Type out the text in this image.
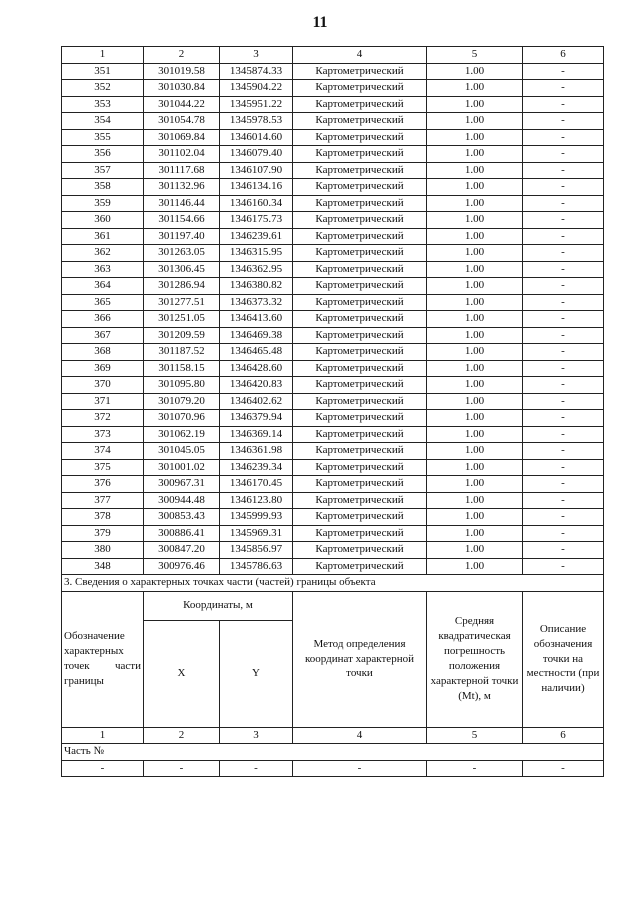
11
1	2	3	4	5	6
351	301019.58	1345874.33	Картометрический	1.00	-
352	301030.84	1345904.22	Картометрический	1.00	-
353	301044.22	1345951.22	Картометрический	1.00	-
354	301054.78	1345978.53	Картометрический	1.00	-
355	301069.84	1346014.60	Картометрический	1.00	-
356	301102.04	1346079.40	Картометрический	1.00	-
357	301117.68	1346107.90	Картометрический	1.00	-
358	301132.96	1346134.16	Картометрический	1.00	-
359	301146.44	1346160.34	Картометрический	1.00	-
360	301154.66	1346175.73	Картометрический	1.00	-
361	301197.40	1346239.61	Картометрический	1.00	-
362	301263.05	1346315.95	Картометрический	1.00	-
363	301306.45	1346362.95	Картометрический	1.00	-
364	301286.94	1346380.82	Картометрический	1.00	-
365	301277.51	1346373.32	Картометрический	1.00	-
366	301251.05	1346413.60	Картометрический	1.00	-
367	301209.59	1346469.38	Картометрический	1.00	-
368	301187.52	1346465.48	Картометрический	1.00	-
369	301158.15	1346428.60	Картометрический	1.00	-
370	301095.80	1346420.83	Картометрический	1.00	-
371	301079.20	1346402.62	Картометрический	1.00	-
372	301070.96	1346379.94	Картометрический	1.00	-
373	301062.19	1346369.14	Картометрический	1.00	-
374	301045.05	1346361.98	Картометрический	1.00	-
375	301001.02	1346239.34	Картометрический	1.00	-
376	300967.31	1346170.45	Картометрический	1.00	-
377	300944.48	1346123.80	Картометрический	1.00	-
378	300853.43	1345999.93	Картометрический	1.00	-
379	300886.41	1345969.31	Картометрический	1.00	-
380	300847.20	1345856.97	Картометрический	1.00	-
348	300976.46	1345786.63	Картометрический	1.00	-
3. Сведения о характерных точках части (частей) границы объекта					
Обозначение характерных точек части границы	Координаты, м		Метод определения координат характерной точки	Средняя квадратическая погрешность положения характерной точки (Mt), м	Описание обозначения точки на местности (при наличии)
	X	Y			
1	2	3	4	5	6
Часть №					
-	-	-	-	-	-
